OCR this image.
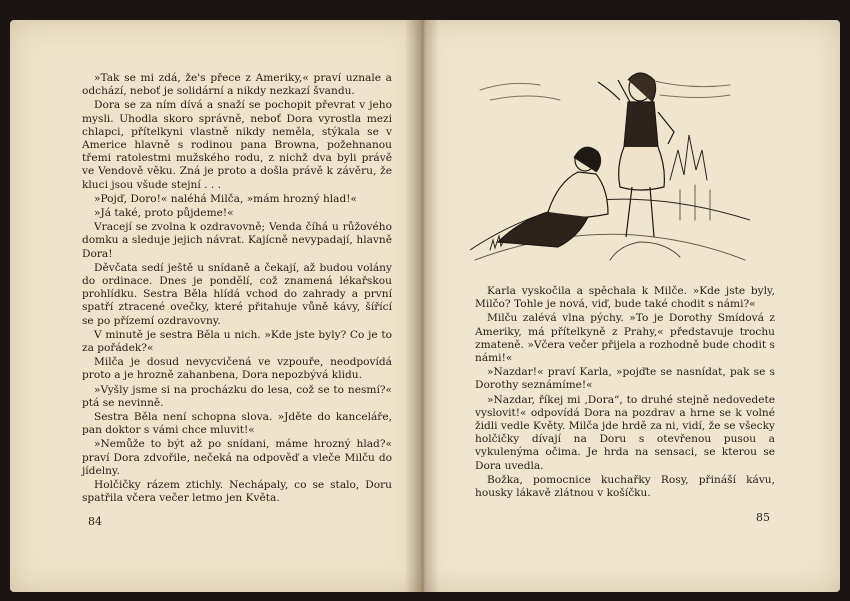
»Tak se mi zdá, že's přece z Ameriky,« praví uznale a odchází, neboť je solidární a nikdy nezkazí švandu.

Dora se za ním dívá a snaží se pochopit převrat v jeho mysli. Uhodla skoro správně, neboť Dora vyrostla mezi chlapci, přítelkyni vlastně nikdy neměla, stýkala se v Americe hlavně s rodinou pana Browna, požehnanou třemi ratolestmi mužského rodu, z nichž dva byli právě ve Vendově věku. Zná je proto a došla právě k závěru, že kluci jsou všude stejní . . .

»Pojď, Doro!« naléhá Milča, »mám hrozný hlad!«

»Já také, proto půjdeme!«

Vracejí se zvolna k ozdravovně; Venda číhá u růžového domku a sleduje jejich návrat. Kajícně nevypadají, hlavně Dora!

Děvčata sedí ještě u snídaně a čekají, až budou volány do ordinace. Dnes je pondělí, což znamená lékařskou prohlídku. Sestra Běla hlídá vchod do zahrady a první spatří ztracené ovečky, které přitahuje vůně kávy, šířící se po přízemí ozdravovny.

V minutě je sestra Běla u nich. »Kde jste byly? Co je to za pořádek?«

Milča je dosud nevycvičená ve vzpouře, neodpovídá proto a je hrozně zahanbena, Dora nepozbývá klidu.

»Vyšly jsme si na procházku do lesa, což se to nesmí?« ptá se nevinně.

Sestra Běla není schopna slova. »Jděte do kanceláře, pan doktor s vámi chce mluvit!«

»Nemůže to být až po snídani, máme hrozný hlad?« praví Dora zdvořile, nečeká na odpověď a vleče Milču do jídelny.

Holčičky rázem ztichly. Nechápaly, co se stalo, Doru spatřila včera večer letmo jen Květa.

Karla vyskočila a spěchala k Milče. »Kde jste byly, Milčo? Tohle je nová, viď, bude také chodit s námi?«

Milču zalévá vlna pýchy. »To je Dorothy Smídová z Ameriky, má přítelkyně z Prahy,« představuje trochu zmateně. »Včera večer přijela a rozhodně bude chodit s námi!«

»Nazdar!« praví Karla, »pojďte se nasnídat, pak se s Dorothy seznámíme!«

»Nazdar, říkej mi ‚Dora“, to druhé stejně nedovedete vyslovit!« odpovídá Dora na pozdrav a hrne se k volné židli vedle Květy. Milča jde hrdě za ni, vidí, že se všecky holčičky dívají na Doru s otevřenou pusou a vykulenýma očima. Je hrda na sensaci, se kterou se Dora uvedla.

Božka, pomocnice kuchařky Rosy, přináší kávu, housky lákavě zlátnou v košíčku.

84	85
